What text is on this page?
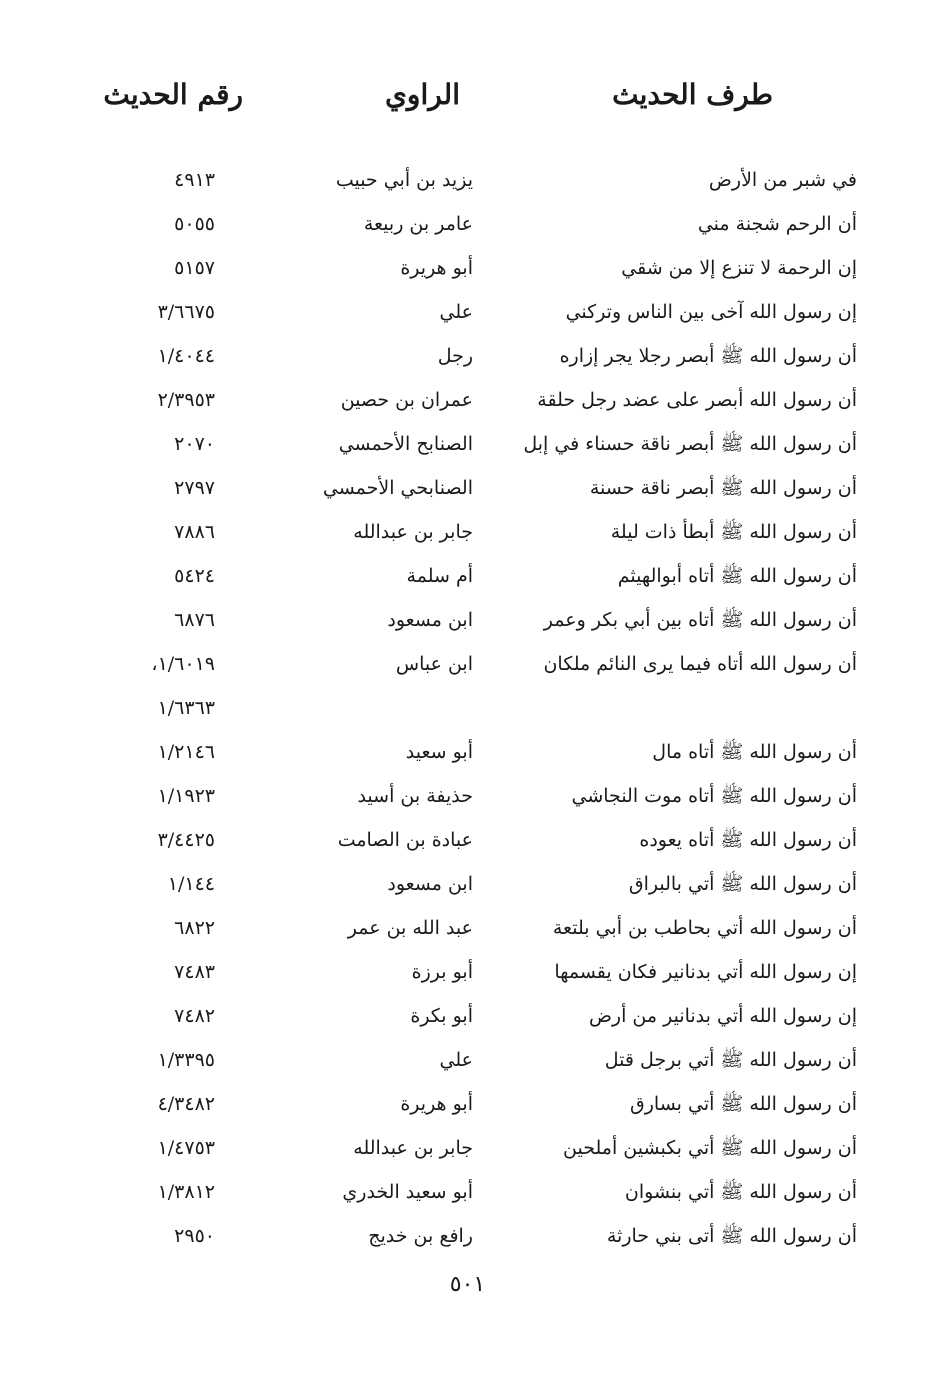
طرف الحديث
الراوي
رقم الحديث
في شبر من الأرض
يزيد بن أبي حبيب
٤٩١٣
أن الرحم شجنة مني
عامر بن ربيعة
٥٠٥٥
إن الرحمة لا تنزع إلا من شقي
أبو هريرة
٥١٥٧
إن رسول الله آخى بين الناس وتركني
علي
٣/٦٦٧٥
أن رسول الله ﷺ أبصر رجلا يجر إزاره
رجل
١/٤٠٤٤
أن رسول الله أبصر على عضد رجل حلقة
عمران بن حصين
٢/٣٩٥٣
أن رسول الله ﷺ أبصر ناقة حسناء في إبل
الصنابح الأحمسي
٢٠٧٠
أن رسول الله ﷺ أبصر ناقة حسنة
الصنابحي الأحمسي
٢٧٩٧
أن رسول الله ﷺ أبطأ ذات ليلة
جابر بن عبدالله
٧٨٨٦
أن رسول الله ﷺ أتاه أبوالهيثم
أم سلمة
٥٤٢٤
أن رسول الله ﷺ أتاه بين أبي بكر وعمر
ابن مسعود
٦٨٧٦
أن رسول الله أتاه فيما يرى النائم ملكان
ابن عباس
١/٦٠١٩،
١/٦٣٦٣
أن رسول الله ﷺ أتاه مال
أبو سعيد
١/٢١٤٦
أن رسول الله ﷺ أتاه موت النجاشي
حذيفة بن أسيد
١/١٩٢٣
أن رسول الله ﷺ أتاه يعوده
عبادة بن الصامت
٣/٤٤٢٥
أن رسول الله ﷺ أتي بالبراق
ابن مسعود
١/١٤٤
أن رسول الله أتي بحاطب بن أبي بلتعة
عبد الله بن عمر
٦٨٢٢
إن رسول الله أتي بدنانير فكان يقسمها
أبو برزة
٧٤٨٣
إن رسول الله أتي بدنانير من أرض
أبو بكرة
٧٤٨٢
أن رسول الله ﷺ أتي برجل قتل
علي
١/٣٣٩٥
أن رسول الله ﷺ أتي بسارق
أبو هريرة
٤/٣٤٨٢
أن رسول الله ﷺ أتي بكبشين أملحين
جابر بن عبدالله
١/٤٧٥٣
أن رسول الله ﷺ أتي بنشوان
أبو سعيد الخدري
١/٣٨١٢
أن رسول الله ﷺ أتى بني حارثة
رافع بن خديج
٢٩٥٠
٥٠١
